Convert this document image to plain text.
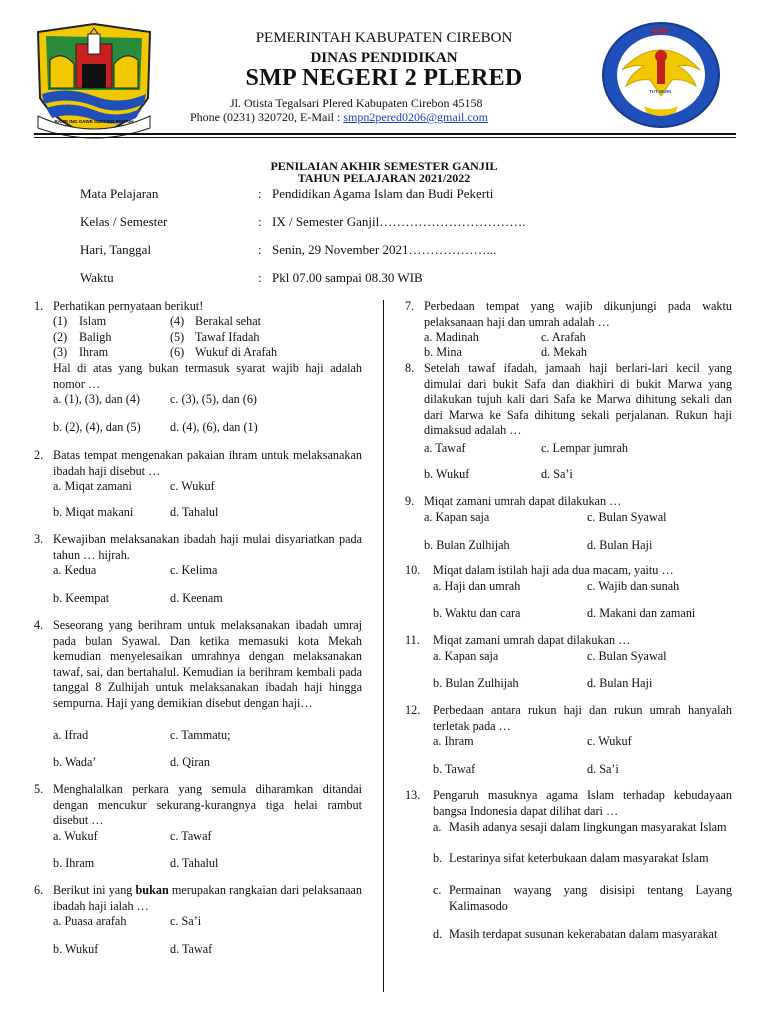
RAME ING GAWE SUCI ING PAMRIH
SMP
TUT WURI
PLERED
PEMERINTAH KABUPATEN CIREBON
DINAS PENDIDIKAN
SMP NEGERI 2 PLERED
Jl. Otista Tegalsari Plered Kabupaten Cirebon 45158
Phone (0231) 320720, E-Mail : smpn2pered0206@gmail.com
PENILAIAN AKHIR SEMESTER GANJIL
TAHUN PELAJARAN 2021/2022
Mata Pelajaran	: Pendidikan Agama Islam dan Budi Pekerti
Kelas / Semester	: IX / Semester Ganjil…………………………….
Hari, Tanggal	: Senin, 29 November 2021………………...
Waktu	: Pkl 07.00 sampai 08.30 WIB
1. Perhatikan pernyataan berikut!
(1) Islam	(4) Berakal sehat
(2) Baligh	(5) Tawaf Ifadah
(3) Ihram	(6) Wukuf di Arafah
Hal di atas yang bukan termasuk syarat wajib haji adalah nomor …
a. (1), (3), dan (4) c. (3), (5), dan (6)
b. (2), (4), dan (5) d. (4), (6), dan (1)
2. Batas tempat mengenakan pakaian ihram untuk melaksanakan ibadah haji disebut …
a. Miqat zamani	c. Wukuf
b. Miqat makani	d. Tahalul
3. Kewajiban melaksanakan ibadah haji mulai disyariatkan pada tahun … hijrah.
a. Kedua	c. Kelima
b. Keempat	d. Keenam
4. Seseorang yang berihram untuk melaksanakan ibadah umraj pada bulan Syawal. Dan ketika memasuki kota Mekah kemudian menyelesaikan umrahnya dengan melaksanakan tawaf, sai, dan bertahalul. Kemudian ia berihram kembali pada tanggal 8 Zulhijah untuk melaksanakan ibadah haji hingga sempurna. Haji yang demikian disebut dengan haji…
a. Ifrad	c. Tammatu;
b. Wada’	d. Qiran
5. Menghalalkan perkara yang semula diharamkan ditandai dengan mencukur sekurang-kurangnya tiga helai rambut disebut …
a. Wukuf	c. Tawaf
b. Ihram	d. Tahalul
6. Berikut ini yang bukan merupakan rangkaian dari pelaksanaan ibadah haji ialah …
a. Puasa arafah	c. Sa’i
b. Wukuf	d. Tawaf
7. Perbedaan tempat yang wajib dikunjungi pada waktu pelaksanaan haji dan umrah adalah …
a. Madinah	c. Arafah
b. Mina	d. Mekah
8. Setelah tawaf ifadah, jamaah haji berlari-lari kecil yang dimulai dari bukit Safa dan diakhiri di bukit Marwa yang dilakukan tujuh kali dari Safa ke Marwa dihitung sekali dan dari Marwa ke Safa dihitung sekali perjalanan. Rukun haji dimaksud adalah …
a. Tawaf	c. Lempar jumrah
b. Wukuf	d. Sa’i
9. Miqat zamani umrah dapat dilakukan …
a. Kapan saja	c. Bulan Syawal
b. Bulan Zulhijah	d. Bulan Haji
10.	Miqat dalam istilah haji ada dua macam, yaitu …
a. Haji dan umrah	c. Wajib dan sunah
b. Waktu dan cara	d. Makani dan zamani
11.	Miqat zamani umrah dapat dilakukan …
a. Kapan saja	c. Bulan Syawal
b. Bulan Zulhijah	d. Bulan Haji
12.	Perbedaan antara rukun haji dan rukun umrah hanyalah terletak pada …
a. Ihram	c. Wukuf
b. Tawaf	d. Sa’i
13.	Pengaruh masuknya agama Islam terhadap kebudayaan bangsa Indonesia dapat dilihat dari …
a. Masih adanya sesaji dalam lingkungan masyarakat Islam
b. Lestarinya sifat keterbukaan dalam masyarakat Islam
c. Permainan wayang yang disisipi tentang Layang Kalimasodo
d. Masih terdapat susunan kekerabatan dalam masyarakat
